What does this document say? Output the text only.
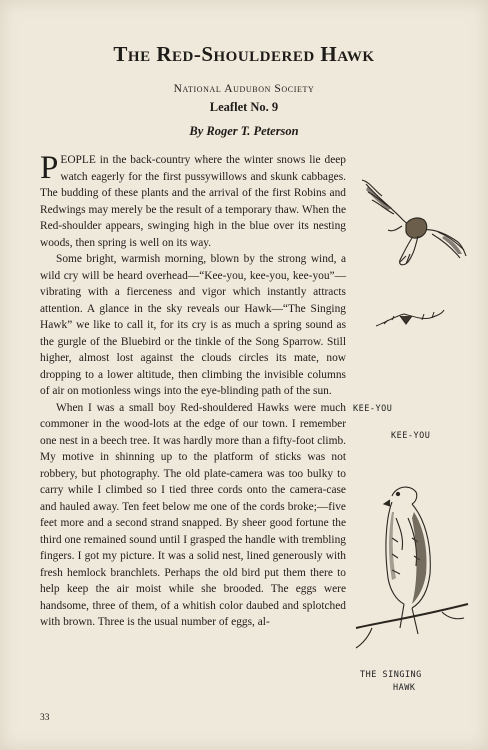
The Red-Shouldered Hawk
National Audubon Society
Leaflet No. 9
By Roger T. Peterson

PEOPLE in the back-country where the winter snows lie deep watch eagerly for the first pussywillows and skunk cabbages. The budding of these plants and the arrival of the first Robins and Redwings may merely be the result of a temporary thaw. When the Red-shoulder appears, swinging high in the blue over its nesting woods, then spring is well on its way.

Some bright, warmish morning, blown by the strong wind, a wild cry will be heard overhead—“Kee-you, kee-you, kee-you”—vibrating with a fierceness and vigor which instantly attracts attention. A glance in the sky reveals our Hawk—“The Singing Hawk” we like to call it, for its cry is as much a spring sound as the gurgle of the Bluebird or the tinkle of the Song Sparrow. Still higher, almost lost against the clouds circles its mate, now dropping to a lower altitude, then climbing the invisible columns of air on motionless wings into the eye-blinding path of the sun.

When I was a small boy Red-shouldered Hawks were much commoner in the wood-lots at the edge of our town. I remember one nest in a beech tree. It was hardly more than a fifty-foot climb. My motive in shinning up to the platform of sticks was not robbery, but photography. The old plate-camera was too bulky to carry while I climbed so I tied three cords onto the camera-case and hauled away. Ten feet below me one of the cords broke;—five feet more and a second strand snapped. By sheer good fortune the third one remained sound until I grasped the handle with trembling fingers. I got my picture. It was a solid nest, lined generously with fresh hemlock branchlets. Perhaps the old bird put them there to help keep the air moist while she brooded. The eggs were handsome, three of them, of a whitish color daubed and splotched with brown. Three is the usual number of eggs, al-

KEE-YOU
KEE-YOU
THE SINGING
HAWK
33
